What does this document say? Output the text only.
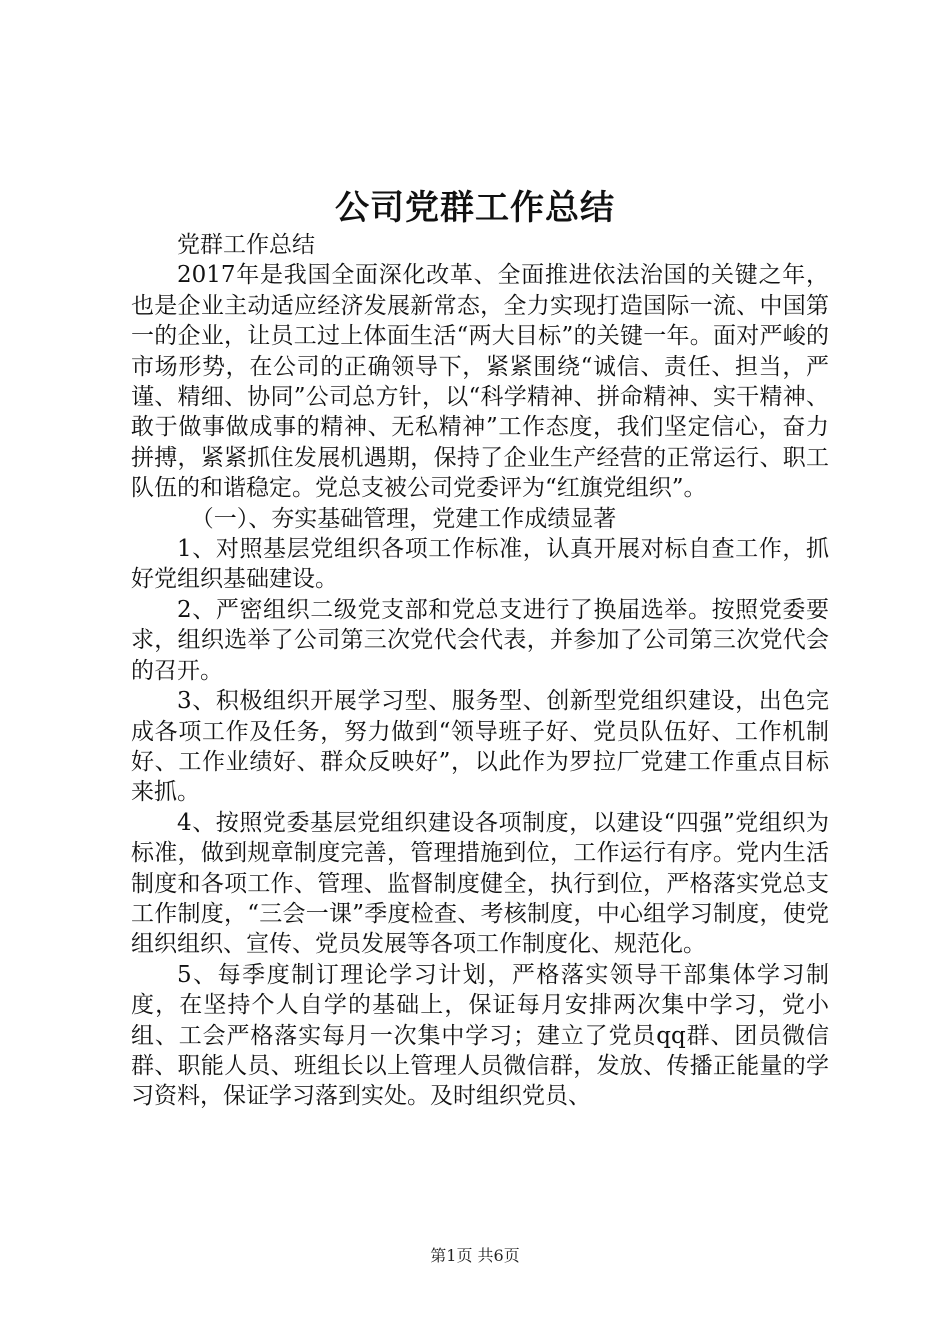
公司党群工作总结

党群工作总结

2017年是我国全面深化改革、全面推进依法治国的关键之年，也是企业主动适应经济发展新常态，全力实现打造国际一流、中国第一的企业，让员工过上体面生活“两大目标”的关键一年。面对严峻的市场形势，在公司的正确领导下，紧紧围绕“诚信、责任、担当，严谨、精细、协同”公司总方针，以“科学精神、拼命精神、实干精神、敢于做事做成事的精神、无私精神”工作态度，我们坚定信心，奋力拼搏，紧紧抓住发展机遇期，保持了企业生产经营的正常运行、职工队伍的和谐稳定。党总支被公司党委评为“红旗党组织”。

（一）、夯实基础管理，党建工作成绩显著

1、对照基层党组织各项工作标准，认真开展对标自查工作，抓好党组织基础建设。

2、严密组织二级党支部和党总支进行了换届选举。按照党委要求，组织选举了公司第三次党代会代表，并参加了公司第三次党代会的召开。

3、积极组织开展学习型、服务型、创新型党组织建设，出色完成各项工作及任务，努力做到“领导班子好、党员队伍好、工作机制好、工作业绩好、群众反映好”，以此作为罗拉厂党建工作重点目标来抓。

4、按照党委基层党组织建设各项制度，以建设“四强”党组织为标准，做到规章制度完善，管理措施到位，工作运行有序。党内生活制度和各项工作、管理、监督制度健全，执行到位，严格落实党总支工作制度，“三会一课”季度检查、考核制度，中心组学习制度，使党组织组织、宣传、党员发展等各项工作制度化、规范化。

5、每季度制订理论学习计划，严格落实领导干部集体学习制度，在坚持个人自学的基础上，保证每月安排两次集中学习，党小组、工会严格落实每月一次集中学习；建立了党员qq群、团员微信群、职能人员、班组长以上管理人员微信群，发放、传播正能量的学习资料，保证学习落到实处。及时组织党员、

第1页 共6页
